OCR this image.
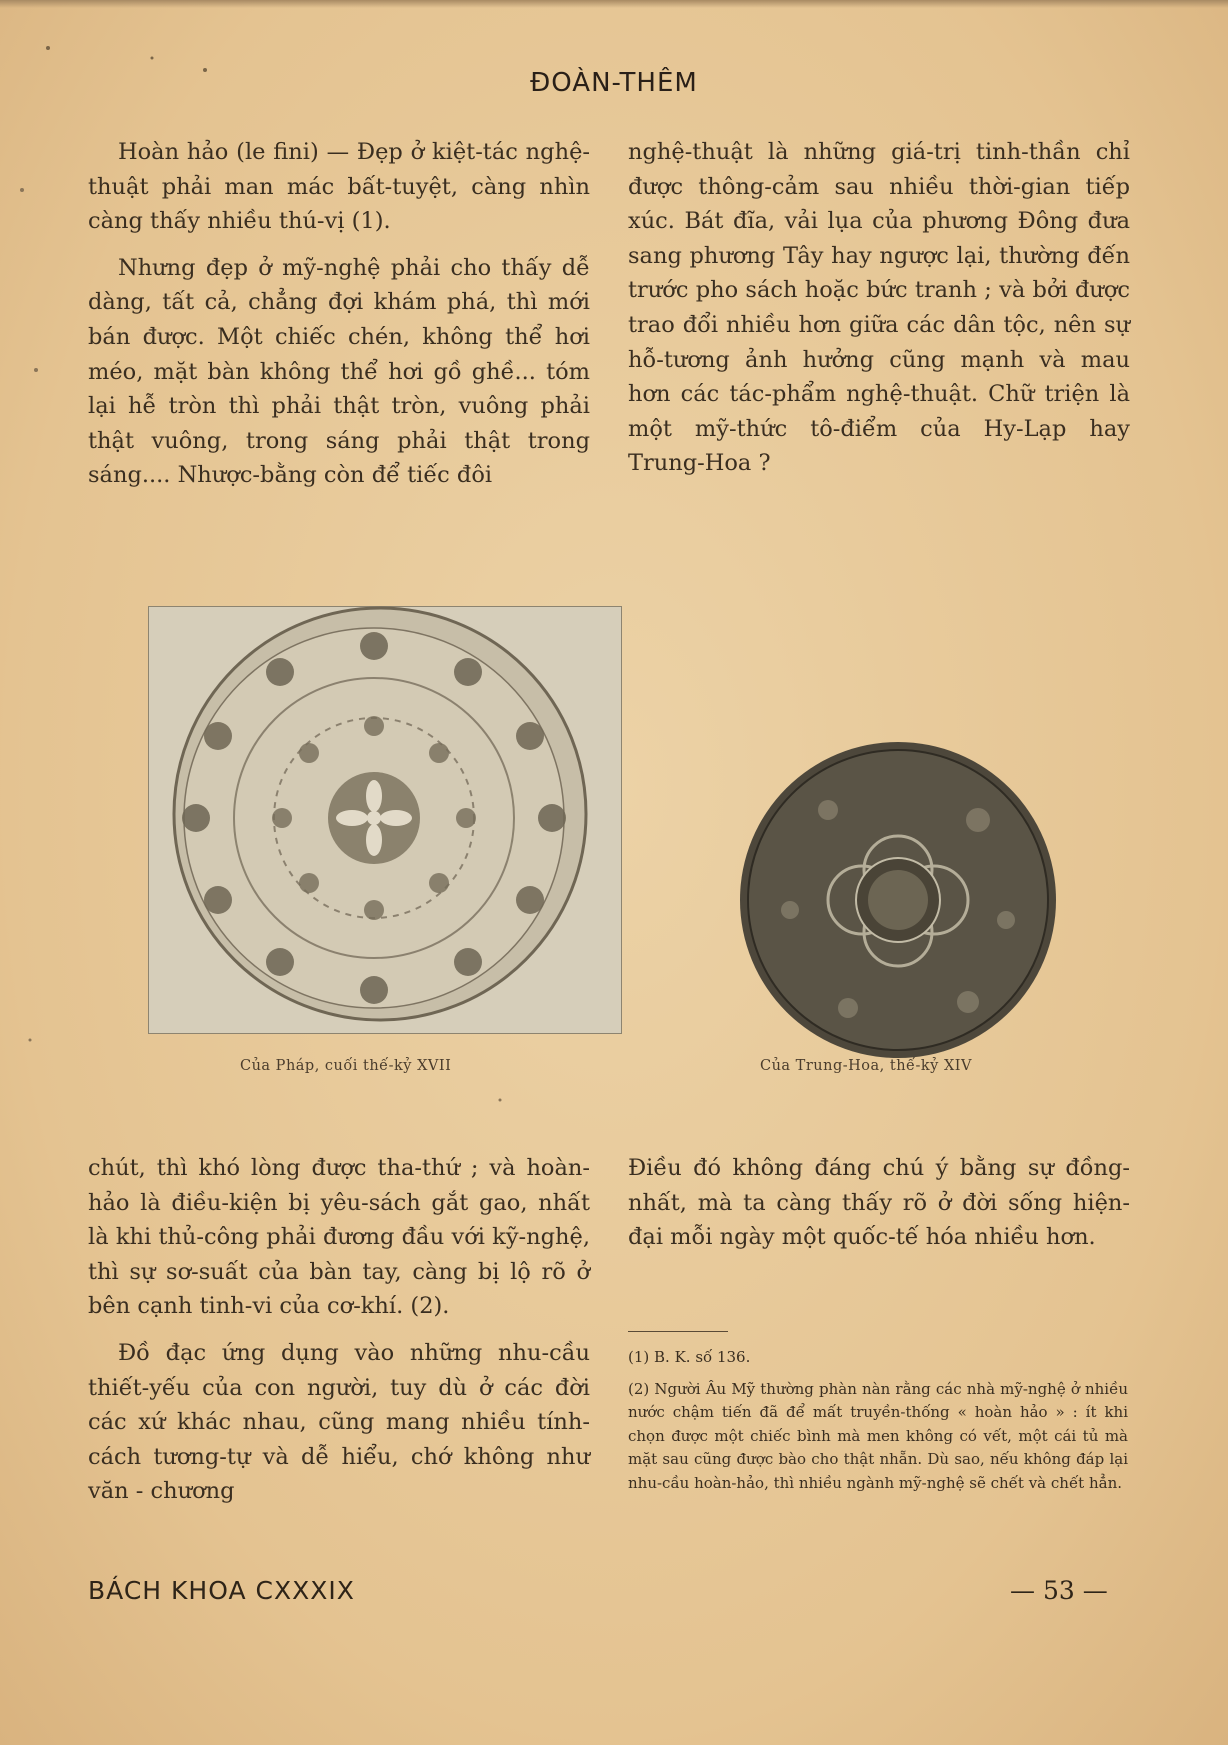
ĐOÀN-THÊM

Hoàn hảo (le fini) — Đẹp ở kiệt-tác nghệ-thuật phải man mác bất-tuyệt, càng nhìn càng thấy nhiều thú-vị (1).

Nhưng đẹp ở mỹ-nghệ phải cho thấy dễ dàng, tất cả, chẳng đợi khám phá, thì mới bán được. Một chiếc chén, không thể hơi méo, mặt bàn không thể hơi gồ ghề... tóm lại hễ tròn thì phải thật tròn, vuông phải thật vuông, trong sáng phải thật trong sáng.... Nhược-bằng còn để tiếc đôi

nghệ-thuật là những giá-trị tinh-thần chỉ được thông-cảm sau nhiều thời-gian tiếp xúc. Bát đĩa, vải lụa của phương Đông đưa sang phương Tây hay ngược lại, thường đến trước pho sách hoặc bức tranh ; và bởi được trao đổi nhiều hơn giữa các dân tộc, nên sự hỗ-tương ảnh hưởng cũng mạnh và mau hơn các tác-phẩm nghệ-thuật. Chữ triện là một mỹ-thức tô-điểm của Hy-Lạp hay Trung-Hoa ?

Của Pháp, cuối thế-kỷ XVII	Của Trung-Hoa, thế-kỷ XIV

chút, thì khó lòng được tha-thứ ; và hoàn-hảo là điều-kiện bị yêu-sách gắt gao, nhất là khi thủ-công phải đương đầu với kỹ-nghệ, thì sự sơ-suất của bàn tay, càng bị lộ rõ ở bên cạnh tinh-vi của cơ-khí. (2).

Đồ đạc ứng dụng vào những nhu-cầu thiết-yếu của con người, tuy dù ở các đời các xứ khác nhau, cũng mang nhiều tính-cách tương-tự và dễ hiểu, chớ không như văn - chương

Điều đó không đáng chú ý bằng sự đồng-nhất, mà ta càng thấy rõ ở đời sống hiện-đại mỗi ngày một quốc-tế hóa nhiều hơn.

(1) B. K. số 136.

(2) Người Âu Mỹ thường phàn nàn rằng các nhà mỹ-nghệ ở nhiều nước chậm tiến đã để mất truyền-thống « hoàn hảo » : ít khi chọn được một chiếc bình mà men không có vết, một cái tủ mà mặt sau cũng được bào cho thật nhẵn. Dù sao, nếu không đáp lại nhu-cầu hoàn-hảo, thì nhiều ngành mỹ-nghệ sẽ chết và chết hẳn.

BÁCH KHOA CXXXIX	— 53 —
